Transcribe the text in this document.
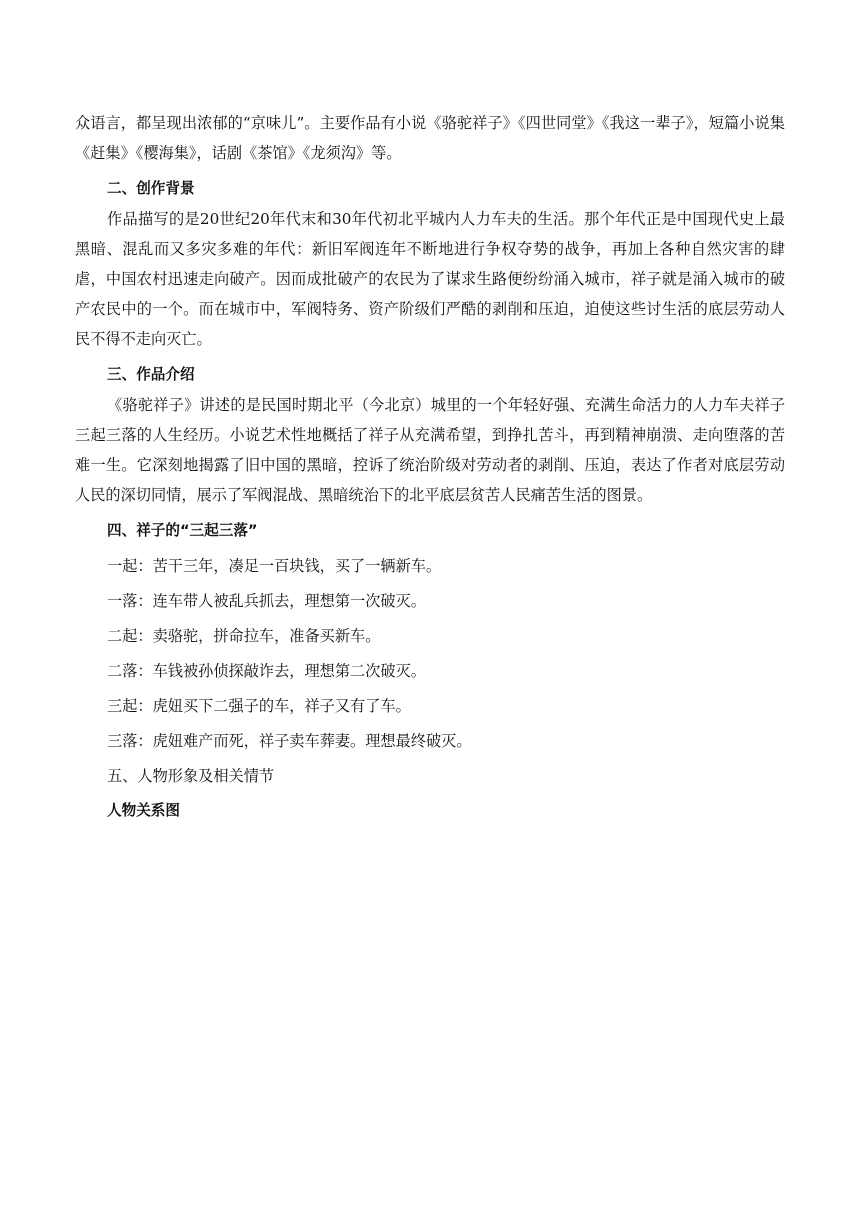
众语言，都呈现出浓郁的“京味儿”。主要作品有小说《骆驼祥子》《四世同堂》《我这一辈子》，短篇小说集《赶集》《樱海集》，话剧《茶馆》《龙须沟》等。

二、创作背景

作品描写的是20世纪20年代末和30年代初北平城内人力车夫的生活。那个年代正是中国现代史上最黑暗、混乱而又多灾多难的年代：新旧军阀连年不断地进行争权夺势的战争，再加上各种自然灾害的肆虐，中国农村迅速走向破产。因而成批破产的农民为了谋求生路便纷纷涌入城市，祥子就是涌入城市的破产农民中的一个。而在城市中，军阀特务、资产阶级们严酷的剥削和压迫，迫使这些讨生活的底层劳动人民不得不走向灭亡。

三、作品介绍

《骆驼祥子》讲述的是民国时期北平（今北京）城里的一个年轻好强、充满生命活力的人力车夫祥子三起三落的人生经历。小说艺术性地概括了祥子从充满希望，到挣扎苦斗，再到精神崩溃、走向堕落的苦难一生。它深刻地揭露了旧中国的黑暗，控诉了统治阶级对劳动者的剥削、压迫，表达了作者对底层劳动人民的深切同情，展示了军阀混战、黑暗统治下的北平底层贫苦人民痛苦生活的图景。

四、祥子的“三起三落”

一起：苦干三年，凑足一百块钱，买了一辆新车。

一落：连车带人被乱兵抓去，理想第一次破灭。

二起：卖骆驼，拼命拉车，准备买新车。

二落：车钱被孙侦探敲诈去，理想第二次破灭。

三起：虎妞买下二强子的车，祥子又有了车。

三落：虎妞难产而死，祥子卖车葬妻。理想最终破灭。

五、人物形象及相关情节

人物关系图
